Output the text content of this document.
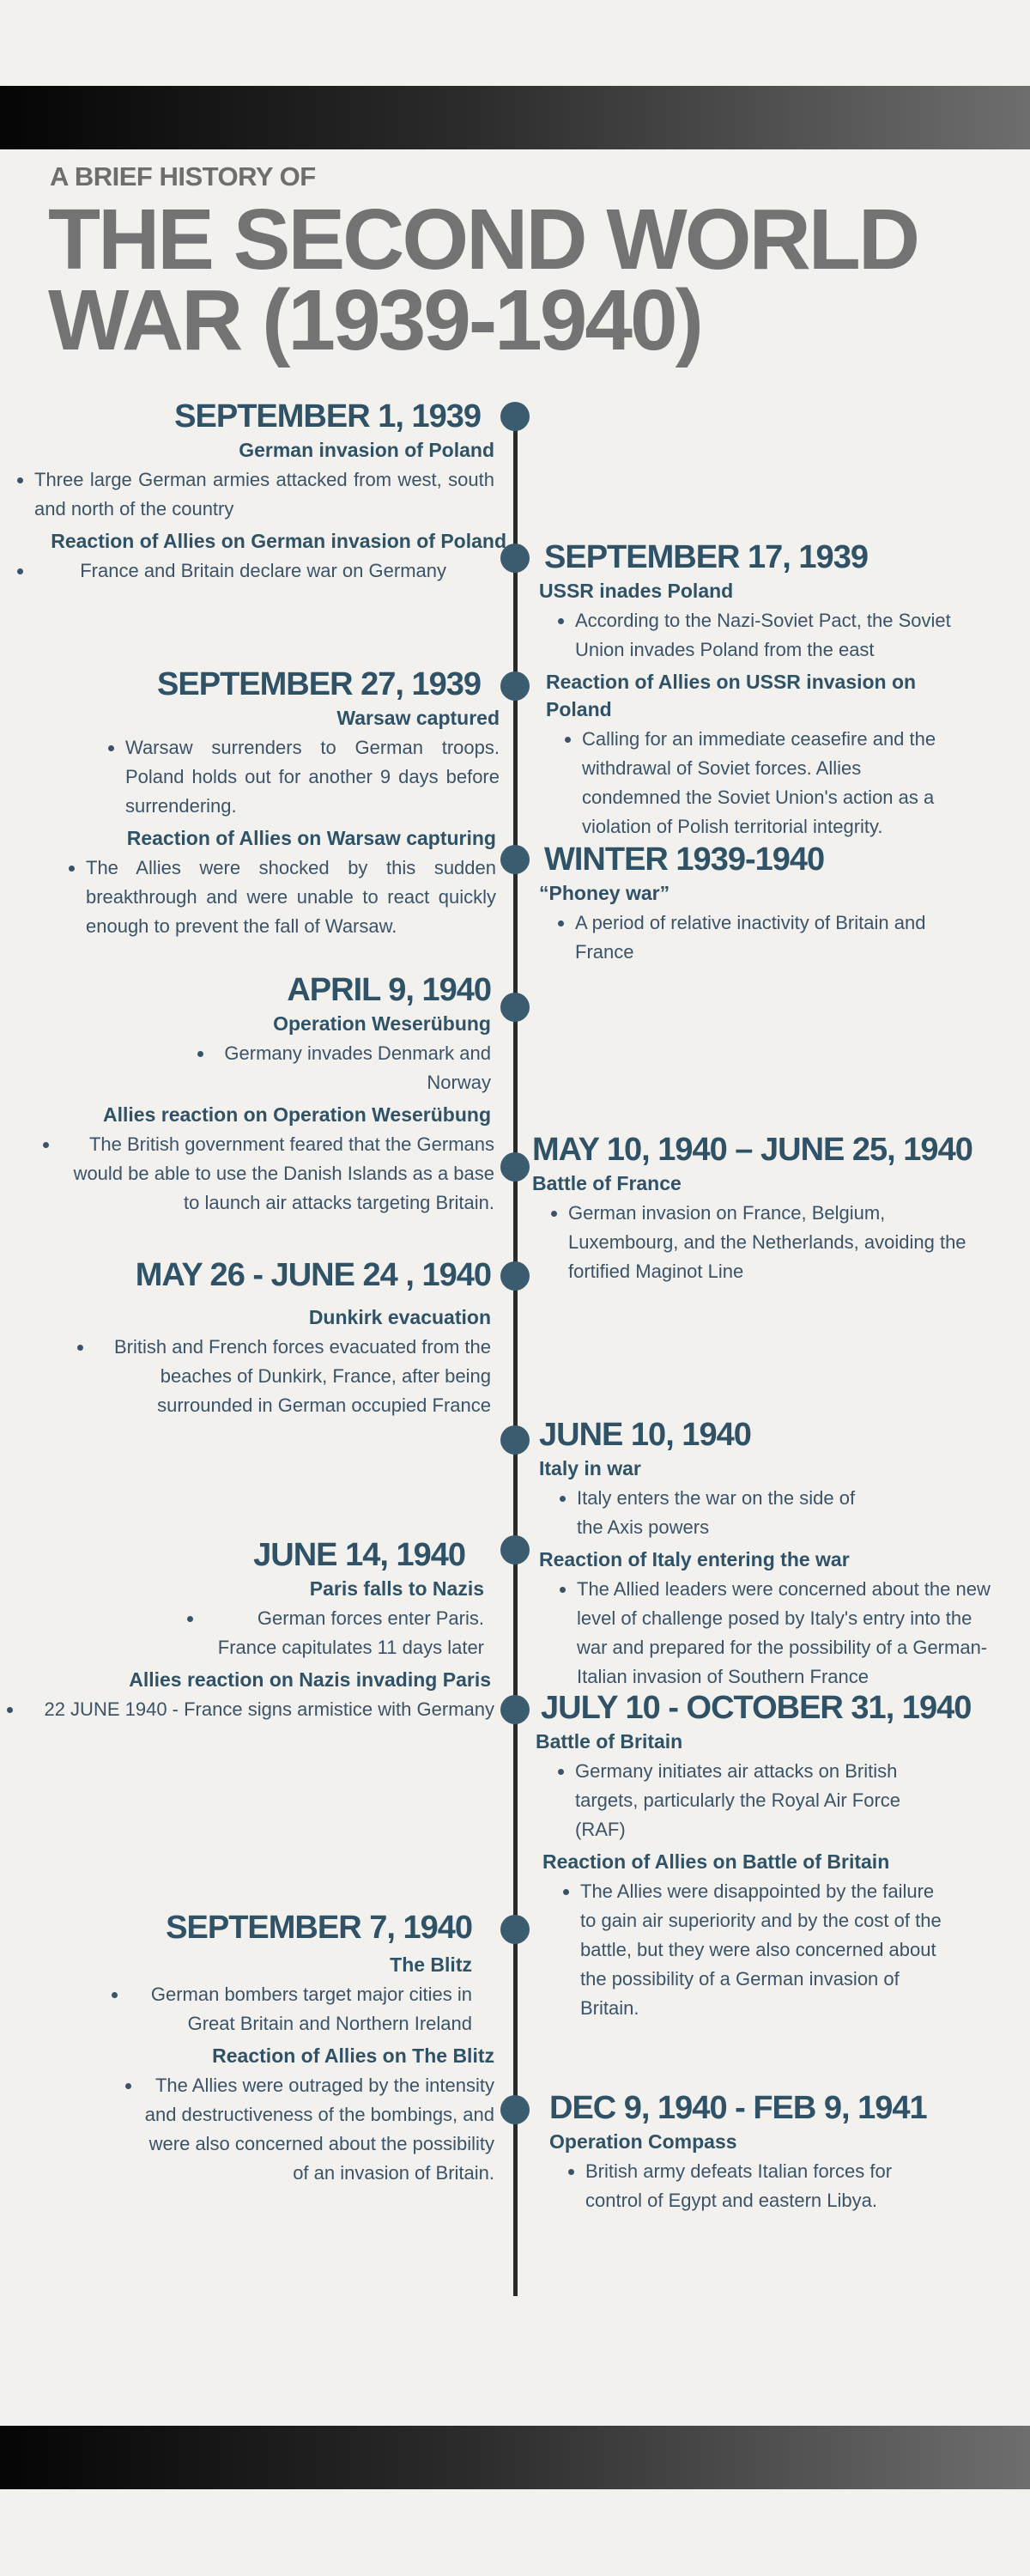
A BRIEF HISTORY OF
THE SECOND WORLD
WAR (1939-1940)
SEPTEMBER 1, 1939
German invasion of Poland
• Three large German armies attacked from west, south and north of the country
Reaction of Allies on German invasion of Poland
• France and Britain declare war on Germany	SEPTEMBER 17, 1939
USSR inades Poland
• According to the Nazi-Soviet Pact, the Soviet Union invades Poland from the east
Reaction of Allies on USSR invasion on Poland
• Calling for an immediate ceasefire and the withdrawal of Soviet forces. Allies condemned the Soviet Union's action as a violation of Polish territorial integrity.
SEPTEMBER 27, 1939
Warsaw captured
• Warsaw surrenders to German troops. Poland holds out for another 9 days before surrendering.
Reaction of Allies on Warsaw capturing
• The Allies were shocked by this sudden breakthrough and were unable to react quickly enough to prevent the fall of Warsaw.
WINTER 1939-1940
“Phoney war”
• A period of relative inactivity of Britain and France
APRIL 9, 1940
Operation Weserübung
• Germany invades Denmark and Norway
Allies reaction on Operation Weserübung
• The British government feared that the Germans would be able to use the Danish Islands as a base to launch air attacks targeting Britain.
MAY 10, 1940 – JUNE 25, 1940
Battle of France
• German invasion on France, Belgium, Luxembourg, and the Netherlands, avoiding the fortified Maginot Line
MAY 26 - JUNE 24 , 1940
Dunkirk evacuation
• British and French forces evacuated from the beaches of Dunkirk, France, after being surrounded in German occupied France
JUNE 10, 1940
Italy in war
• Italy enters the war on the side of the Axis powers
Reaction of Italy entering the war
• The Allied leaders were concerned about the new level of challenge posed by Italy's entry into the war and prepared for the possibility of a German-Italian invasion of Southern France
JUNE 14, 1940
Paris falls to Nazis
• German forces enter Paris. France capitulates 11 days later
Allies reaction on Nazis invading Paris
• 22 JUNE 1940 - France signs armistice with Germany JULY 10 - OCTOBER 31, 1940
Battle of Britain
• Germany initiates air attacks on British targets, particularly the Royal Air Force (RAF)
Reaction of Allies on Battle of Britain
• The Allies were disappointed by the failure to gain air superiority and by the cost of the battle, but they were also concerned about the possibility of a German invasion of Britain.
SEPTEMBER 7, 1940
The Blitz
• German bombers target major cities in Great Britain and Northern Ireland
Reaction of Allies on The Blitz
• The Allies were outraged by the intensity and destructiveness of the bombings, and were also concerned about the possibility of an invasion of Britain.
DEC 9, 1940 - FEB 9, 1941
Operation Compass
• British army defeats Italian forces for control of Egypt and eastern Libya.
